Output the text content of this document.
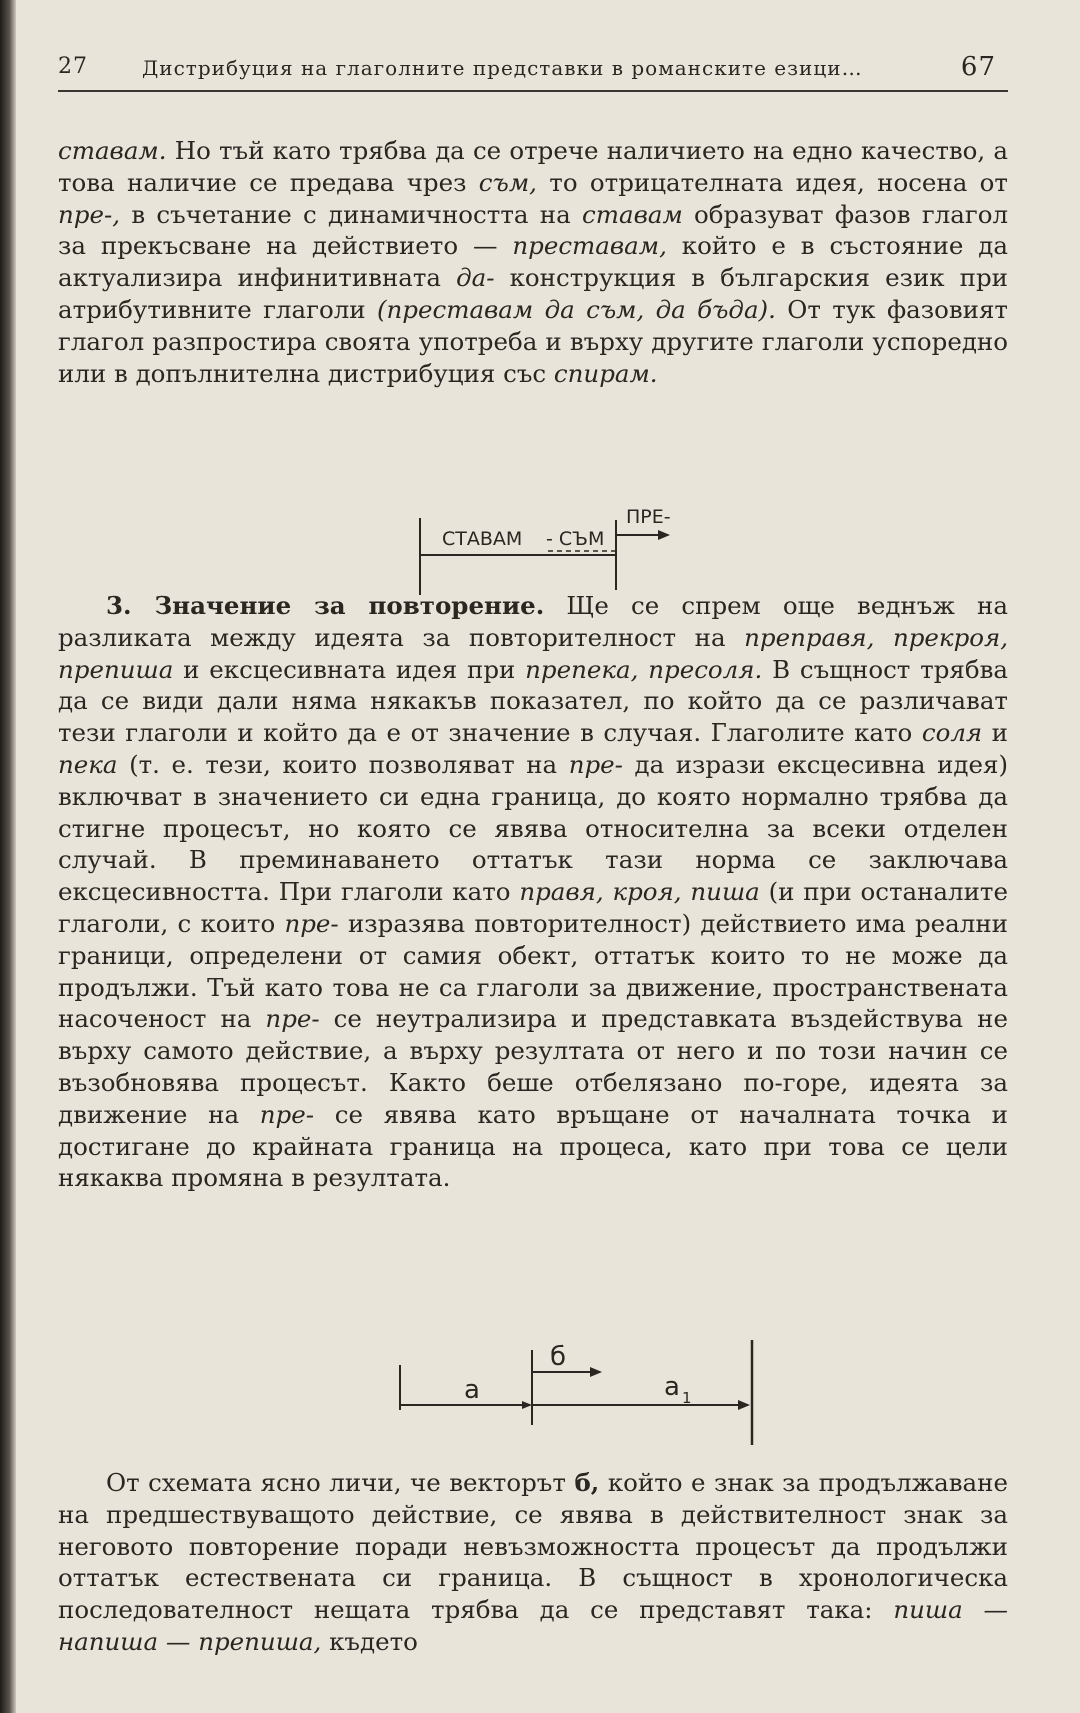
27	Дистрибуция на глаголните представки в романските езици…	67

ставам. Но тъй като трябва да се отрече наличието на едно качество, а това наличие се предава чрез съм, то отрицателната идея, носена от пре-, в съчетание с динамичността на ставам образуват фазов глагол за прекъсване на действието — преставам, който е в състояние да актуализира инфинитивната да- конструкция в българския език при атрибутивните глаголи (преставам да съм, да бъда). От тук фазовият глагол разпростира своята употреба и върху другите глаголи успоредно или в допълнителна дистрибуция със спирам.

СТАВАМ - СЪМ
ПРЕ-

3. Значение за повторение. Ще се спрем още веднъж на разликата между идеята за повторителност на преправя, прекроя, препиша и ексцесивната идея при препека, пресоля. В същност трябва да се види дали няма някакъв показател, по който да се различават тези глаголи и който да е от значение в случая. Глаголите като соля и пека (т. е. тези, които позволяват на пре- да изрази ексцесивна идея) включват в значението си една граница, до която нормално трябва да стигне процесът, но която се явява относителна за всеки отделен случай. В преминаването оттатък тази норма се заключава ексцесивността. При глаголи като правя, кроя, пиша (и при останалите глаголи, с които пре- изразява повторителност) действието има реални граници, определени от самия обект, оттатък които то не може да продължи. Тъй като това не са глаголи за движение, пространствената насоченост на пре- се неутрализира и представката въздействува не върху самото действие, а върху резултата от него и по този начин се възобновява процесът. Както беше отбелязано по-горе, идеята за движение на пре- се явява като връщане от началната точка и достигане до крайната граница на процеса, като при това се цели някаква промяна в резултата.

a
б
a 1

От схемата ясно личи, че векторът б, който е знак за продължаване на предшествуващото действие, се явява в действителност знак за неговото повторение поради невъзможността процесът да продължи оттатък естествената си граница. В същност в хронологическа последователност нещата трябва да се представят така: пиша — напиша — препиша, където
